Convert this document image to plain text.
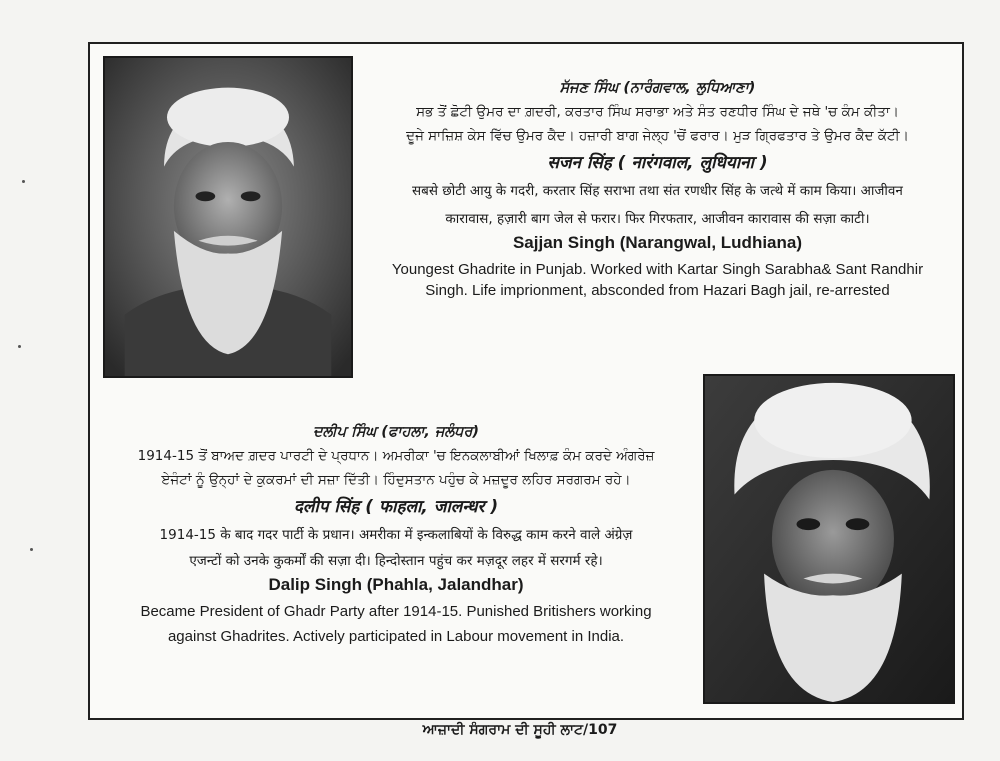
ਸੱਜਣ ਸਿੰਘ (ਨਾਰੰਗਵਾਲ, ਲੁਧਿਆਣਾ)

ਸਭ ਤੋਂ ਛੋਟੀ ਉਮਰ ਦਾ ਗ਼ਦਰੀ, ਕਰਤਾਰ ਸਿੰਘ ਸਰਾਭਾ ਅਤੇ ਸੰਤ ਰਣਧੀਰ ਸਿੰਘ ਦੇ ਜਥੇ 'ਚ ਕੰਮ ਕੀਤਾ।

ਦੂਜੇ ਸਾਜ਼ਿਸ਼ ਕੇਸ ਵਿੱਚ ਉਮਰ ਕੈਦ। ਹਜ਼ਾਰੀ ਬਾਗ ਜੇਲ੍ਹ 'ਚੋਂ ਫਰਾਰ। ਮੁੜ ਗ੍ਰਿਫਤਾਰ ਤੇ ਉਮਰ ਕੈਦ ਕੱਟੀ।

सजन सिंह ( नारंगवाल, लुधियाना )

सबसे छोटी आयु के गदरी, करतार सिंह सराभा तथा संत रणधीर सिंह के जत्थे में काम किया। आजीवन

कारावास, हज़ारी बाग जेल से फरार। फिर गिरफतार, आजीवन कारावास की सज़ा काटी।

Sajjan Singh (Narangwal, Ludhiana)

Youngest Ghadrite in Punjab. Worked with Kartar Singh Sarabha& Sant Randhir

Singh. Life imprionment, absconded from Hazari Bagh jail, re-arrested

ਦਲੀਪ ਸਿੰਘ (ਫਾਹਲਾ, ਜਲੰਧਰ)

1914-15 ਤੋਂ ਬਾਅਦ ਗ਼ਦਰ ਪਾਰਟੀ ਦੇ ਪ੍ਰਧਾਨ। ਅਮਰੀਕਾ 'ਚ ਇਨਕਲਾਬੀਆਂ ਖਿਲਾਫ਼ ਕੰਮ ਕਰਦੇ ਅੰਗਰੇਜ਼

ਏਜੰਟਾਂ ਨੂੰ ਉਨ੍ਹਾਂ ਦੇ ਕੁਕਰਮਾਂ ਦੀ ਸਜ਼ਾ ਦਿੱਤੀ। ਹਿੰਦੁਸਤਾਨ ਪਹੁੰਚ ਕੇ ਮਜ਼ਦੂਰ ਲਹਿਰ ਸਰਗਰਮ ਰਹੇ।

दलीप सिंह ( फाहला, जालन्धर )

1914-15 के बाद गदर पार्टी के प्रधान। अमरीका में इन्कलाबियों के विरुद्ध काम करने वाले अंग्रेज़

एजन्टों को उनके कुकर्मों की सज़ा दी। हिन्दोस्तान पहुंच कर मज़दूर लहर में सरगर्म रहे।

Dalip Singh (Phahla, Jalandhar)

Became President of Ghadr Party after 1914-15. Punished Britishers working

against Ghadrites. Actively participated in Labour movement in India.

ਆਜ਼ਾਦੀ ਸੰਗਰਾਮ ਦੀ ਸੂਹੀ ਲਾਟ/107
